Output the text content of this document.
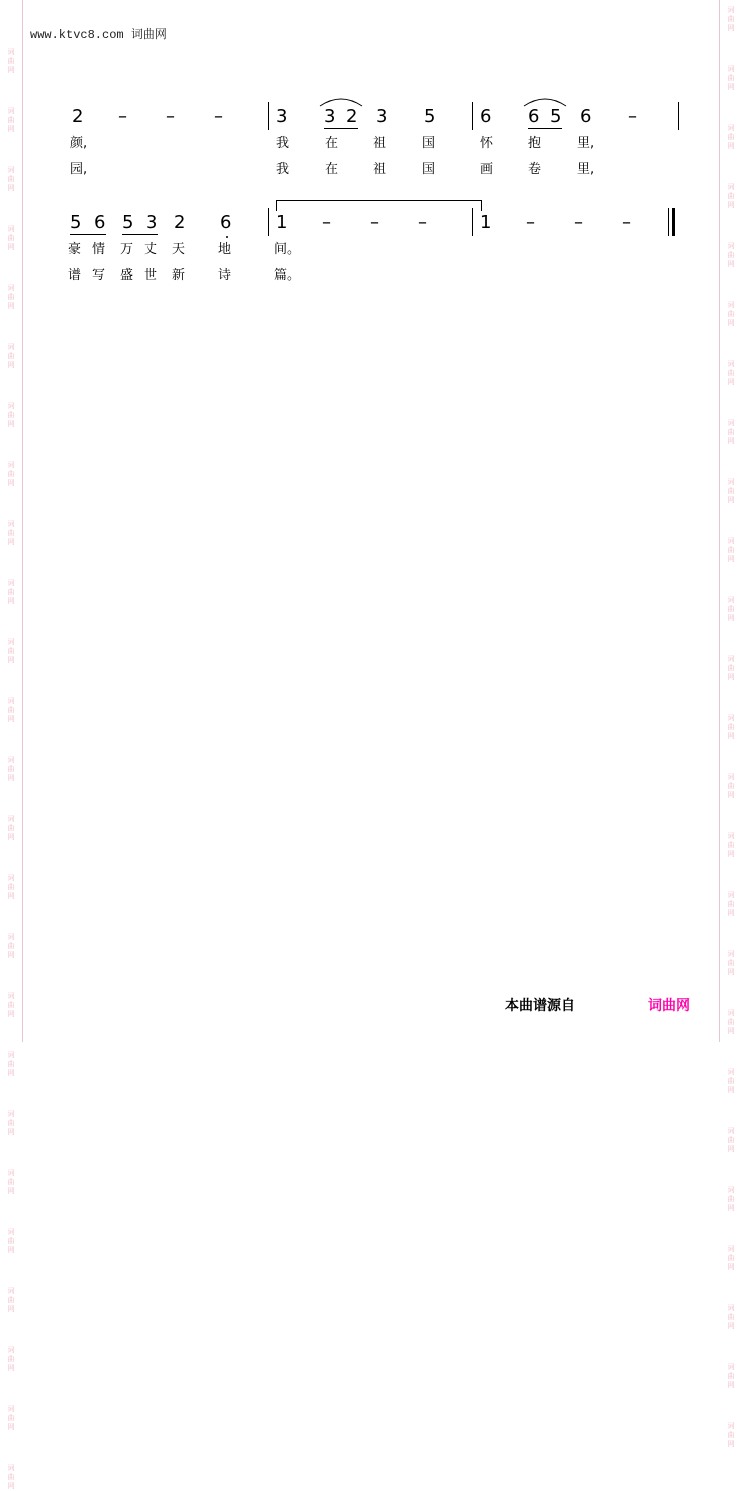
词
曲
网
词
曲
网
词
曲
网
词
曲
网
词
曲
网
词
曲
网
词
曲
网
词
曲
网
词
曲
网
词
曲
网
词
曲
网
词
曲
网
词
曲
网
词
曲
网
词
曲
网
词
曲
网
词
曲
网
词
曲
网
词
曲
网
词
曲
网
词
曲
网
词
曲
网
词
曲
网
词
曲
网
词
曲
网
词
曲
网
词
曲
网
词
曲
网
词
曲
网
词
曲
网
词
曲
网
词
曲
网
词
曲
网
词
曲
网
词
曲
网
词
曲
网
词
曲
网
词
曲
网
词
曲
网
词
曲
网
词
曲
网
词
曲
网
词
曲
网
词
曲
网
词
曲
网
词
曲
网
词
曲
网
词
曲
网
词
曲
网
词
曲
网
www.ktvc8.com 词曲网
2 – – –	3 3 2 3 5 6 6 5 6 –
颜,	我	在	祖	国	怀	抱	里,
园,	我	在	祖	国	画	卷	里,
5 6 5 3 2 6 1 – – –	1 – – –
豪 情 万 丈 天	地	间。
谱 写 盛 世 新	诗	篇。
本曲谱源自	词曲网
